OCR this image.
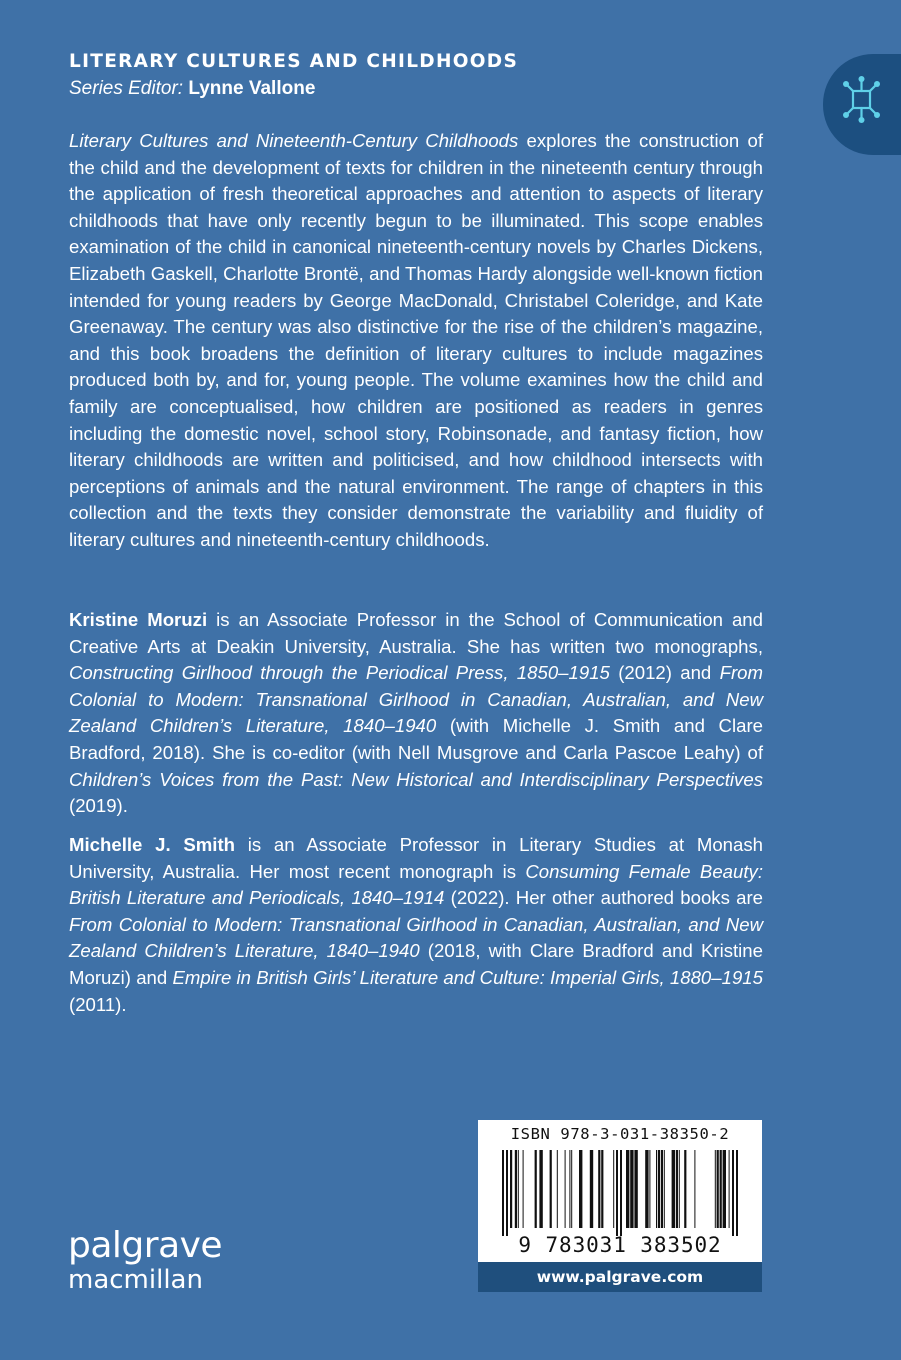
LITERARY CULTURES AND CHILDHOODS

Series Editor: Lynne Vallone

Literary Cultures and Nineteenth-Century Childhoods explores the construction of the child and the development of texts for children in the nineteenth century through the application of fresh theoretical approaches and attention to aspects of literary childhoods that have only recently begun to be illuminated. This scope enables examination of the child in canonical nineteenth-century novels by Charles Dickens, Elizabeth Gaskell, Charlotte Brontë, and Thomas Hardy alongside well-known fiction intended for young readers by George MacDonald, Christabel Coleridge, and Kate Greenaway. The century was also distinctive for the rise of the children’s magazine, and this book broadens the definition of literary cultures to include magazines produced both by, and for, young people. The volume examines how the child and family are conceptualised, how children are positioned as readers in genres including the domestic novel, school story, Robinsonade, and fantasy fiction, how literary childhoods are written and politicised, and how childhood intersects with perceptions of animals and the natural environment. The range of chapters in this collection and the texts they consider demonstrate the variability and fluidity of literary cultures and nineteenth-century childhoods.

Kristine Moruzi is an Associate Professor in the School of Communication and Creative Arts at Deakin University, Australia. She has written two monographs, Constructing Girlhood through the Periodical Press, 1850–1915 (2012) and From Colonial to Modern: Transnational Girlhood in Canadian, Australian, and New Zealand Children’s Literature, 1840–1940 (with Michelle J. Smith and Clare Bradford, 2018). She is co-editor (with Nell Musgrove and Carla Pascoe Leahy) of Children’s Voices from the Past: New Historical and Interdisciplinary Perspectives (2019).

Michelle J. Smith is an Associate Professor in Literary Studies at Monash University, Australia. Her most recent monograph is Consuming Female Beauty: British Literature and Periodicals, 1840–1914 (2022). Her other authored books are From Colonial to Modern: Transnational Girlhood in Canadian, Australian, and New Zealand Children’s Literature, 1840–1940 (2018, with Clare Bradford and Kristine Moruzi) and Empire in British Girls’ Literature and Culture: Imperial Girls, 1880–1915 (2011).

ISBN 978-3-031-38350-2

9 783031 383502

www.palgrave.com
palgrave
macmillan
